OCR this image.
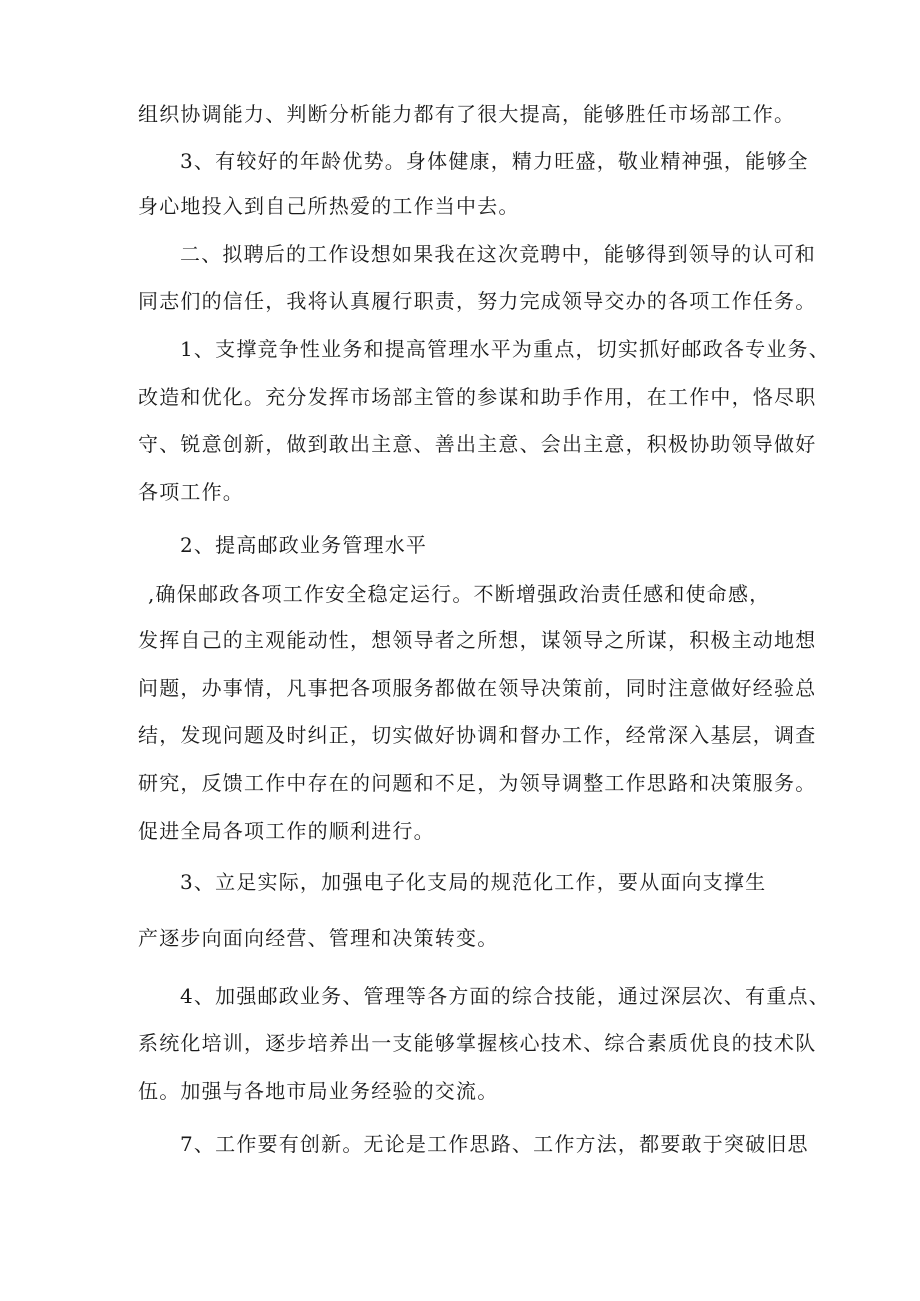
组织协调能力、判断分析能力都有了很大提高，能够胜任市场部工作。
3、有较好的年龄优势。身体健康，精力旺盛，敬业精神强，能够全
身心地投入到自己所热爱的工作当中去。
二、拟聘后的工作设想如果我在这次竞聘中，能够得到领导的认可和
同志们的信任，我将认真履行职责，努力完成领导交办的各项工作任务。
1、支撑竞争性业务和提高管理水平为重点，切实抓好邮政各专业务、
改造和优化。充分发挥市场部主管的参谋和助手作用，在工作中，恪尽职
守、锐意创新，做到敢出主意、善出主意、会出主意，积极协助领导做好
各项工作。
2、提高邮政业务管理水平
,确保邮政各项工作安全稳定运行。不断增强政治责任感和使命感，
发挥自己的主观能动性，想领导者之所想，谋领导之所谋，积极主动地想
问题，办事情，凡事把各项服务都做在领导决策前，同时注意做好经验总
结，发现问题及时纠正，切实做好协调和督办工作，经常深入基层，调查
研究，反馈工作中存在的问题和不足，为领导调整工作思路和决策服务。
促进全局各项工作的顺利进行。
3、立足实际，加强电子化支局的规范化工作，要从面向支撑生
产逐步向面向经营、管理和决策转变。
4、加强邮政业务、管理等各方面的综合技能，通过深层次、有重点、
系统化培训，逐步培养出一支能够掌握核心技术、综合素质优良的技术队
伍。加强与各地市局业务经验的交流。
7、工作要有创新。无论是工作思路、工作方法，都要敢于突破旧思
